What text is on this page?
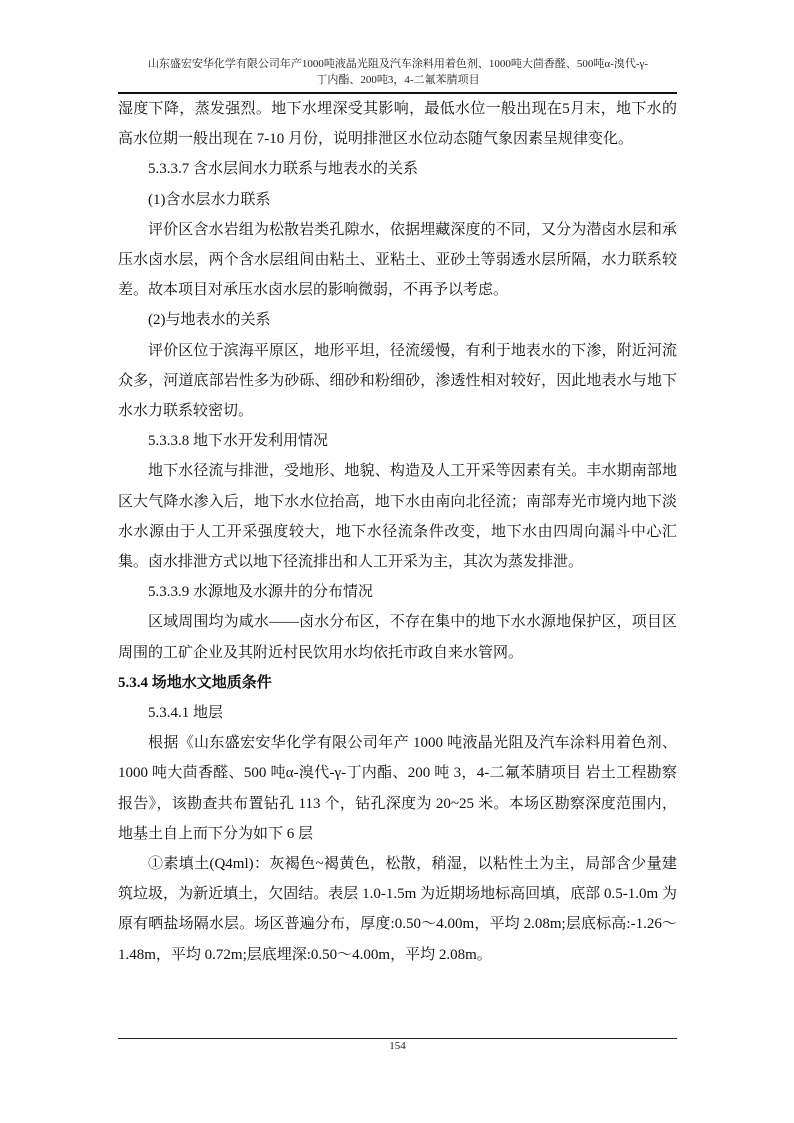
山东盛宏安华化学有限公司年产1000吨液晶光阻及汽车涂料用着色剂、1000吨大茴香醛、500吨α-溴代-γ-
丁内酯、200吨3，4-二氟苯腈项目

湿度下降，蒸发强烈。地下水埋深受其影响，最低水位一般出现在5月末，地下水的高水位期一般出现在 7-10 月份，说明排泄区水位动态随气象因素呈规律变化。

5.3.3.7 含水层间水力联系与地表水的关系

(1)含水层水力联系

评价区含水岩组为松散岩类孔隙水，依据埋藏深度的不同，又分为潜卤水层和承压水卤水层，两个含水层组间由粘土、亚粘土、亚砂土等弱透水层所隔，水力联系较差。故本项目对承压水卤水层的影响微弱，不再予以考虑。

(2)与地表水的关系

评价区位于滨海平原区，地形平坦，径流缓慢，有利于地表水的下渗，附近河流众多，河道底部岩性多为砂砾、细砂和粉细砂，渗透性相对较好，因此地表水与地下水水力联系较密切。

5.3.3.8 地下水开发利用情况

地下水径流与排泄，受地形、地貌、构造及人工开采等因素有关。丰水期南部地区大气降水渗入后，地下水水位抬高，地下水由南向北径流；南部寿光市境内地下淡水水源由于人工开采强度较大，地下水径流条件改变，地下水由四周向漏斗中心汇集。卤水排泄方式以地下径流排出和人工开采为主，其次为蒸发排泄。

5.3.3.9 水源地及水源井的分布情况

区域周围均为咸水——卤水分布区，不存在集中的地下水水源地保护区，项目区周围的工矿企业及其附近村民饮用水均依托市政自来水管网。

5.3.4 场地水文地质条件

5.3.4.1 地层

根据《山东盛宏安华化学有限公司年产 1000 吨液晶光阻及汽车涂料用着色剂、1000 吨大茴香醛、500 吨α-溴代-γ-丁内酯、200 吨 3，4-二氟苯腈项目 岩土工程勘察报告》，该勘查共布置钻孔 113 个，钻孔深度为 20~25 米。本场区勘察深度范围内，地基土自上而下分为如下 6 层

①素填土(Q4ml)：灰褐色~褐黄色，松散，稍湿，以粘性土为主，局部含少量建筑垃圾，为新近填土，欠固结。表层 1.0-1.5m 为近期场地标高回填，底部 0.5-1.0m 为原有晒盐场隔水层。场区普遍分布，厚度:0.50～4.00m，平均 2.08m;层底标高:-1.26～1.48m，平均 0.72m;层底埋深:0.50～4.00m，平均 2.08m。

154
